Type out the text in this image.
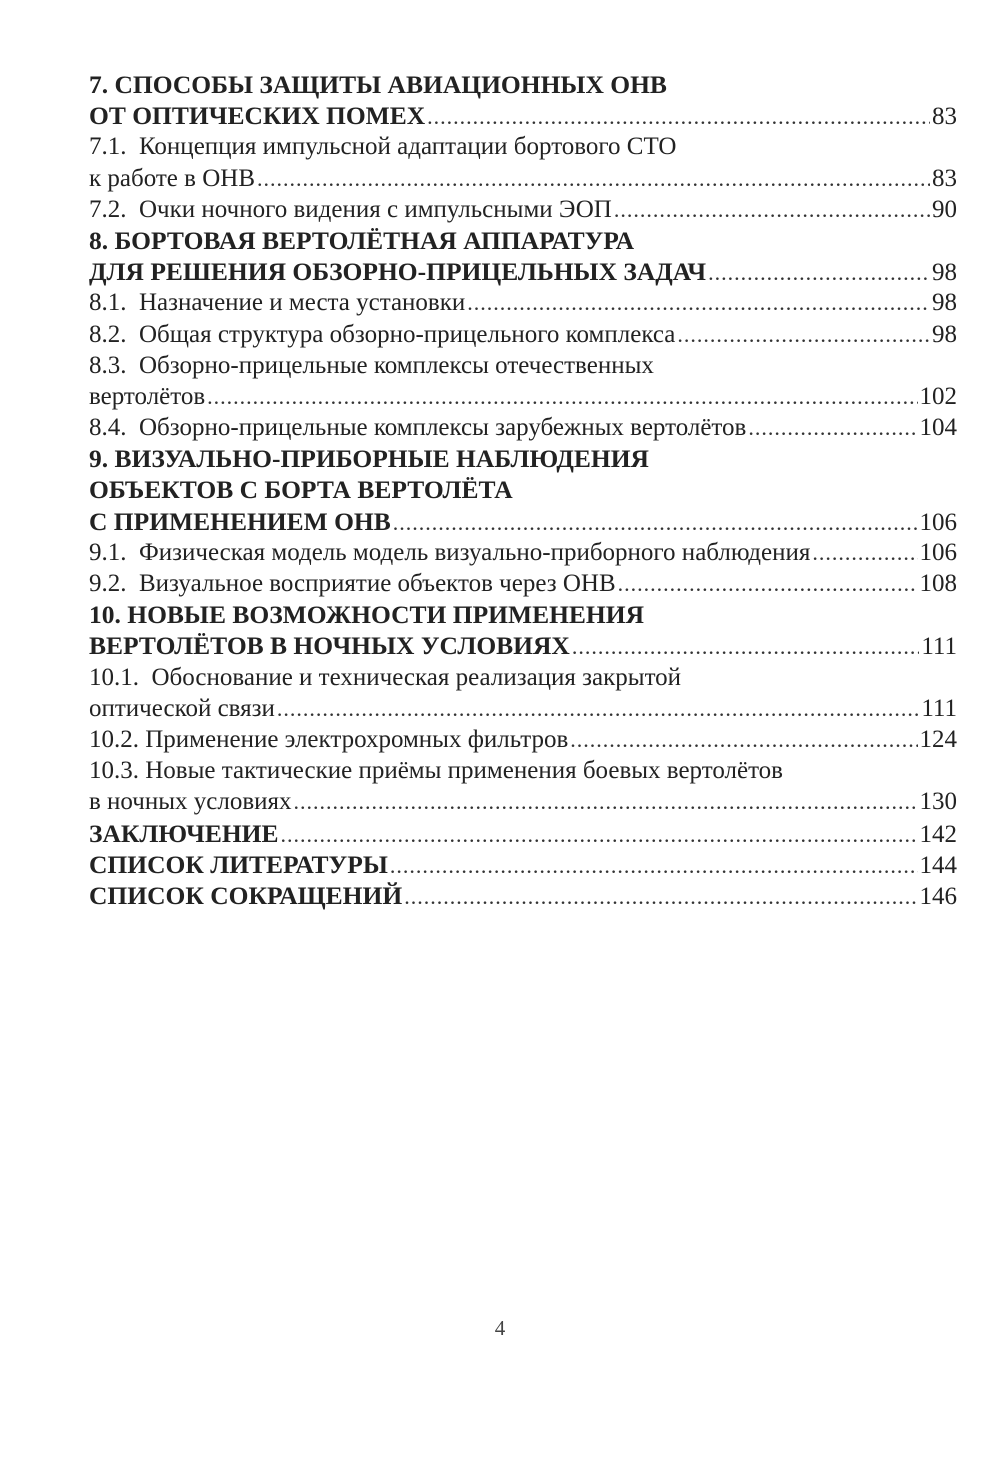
7. СПОСОБЫ ЗАЩИТЫ АВИАЦИОННЫХ ОНВ
ОТ ОПТИЧЕСКИХ ПОМЕХ .....	83
7.1.  Концепция импульсной адаптации бортового СТО
к работе в ОНВ .....	83
7.2.  Очки ночного видения с импульсными ЭОП .....	90
8. БОРТОВАЯ ВЕРТОЛЁТНАЯ АППАРАТУРА
ДЛЯ РЕШЕНИЯ ОБЗОРНО-ПРИЦЕЛЬНЫХ ЗАДАЧ .....	98
8.1.  Назначение и места установки .....	98
8.2.  Общая структура обзорно-прицельного комплекса .....	98
8.3.  Обзорно-прицельные комплексы отечественных
вертолётов .....	102
8.4.  Обзорно-прицельные комплексы зарубежных вертолётов .....	104
9. ВИЗУАЛЬНО-ПРИБОРНЫЕ НАБЛЮДЕНИЯ
ОБЪЕКТОВ С БОРТА ВЕРТОЛЁТА
С ПРИМЕНЕНИЕМ ОНВ .....	106
9.1.  Физическая модель модель визуально-приборного наблюдения .....	106
9.2.  Визуальное восприятие объектов через ОНВ .....	108
10. НОВЫЕ ВОЗМОЖНОСТИ ПРИМЕНЕНИЯ
ВЕРТОЛЁТОВ В НОЧНЫХ УСЛОВИЯХ .....	111
10.1.  Обоснование и техническая реализация закрытой
оптической связи .....	111
10.2. Применение электрохромных фильтров .....	124
10.3. Новые тактические приёмы применения боевых вертолётов
в ночных условиях .....	130
ЗАКЛЮЧЕНИЕ .....	142
СПИСОК ЛИТЕРАТУРЫ .....	144
СПИСОК СОКРАЩЕНИЙ .....	146
4
